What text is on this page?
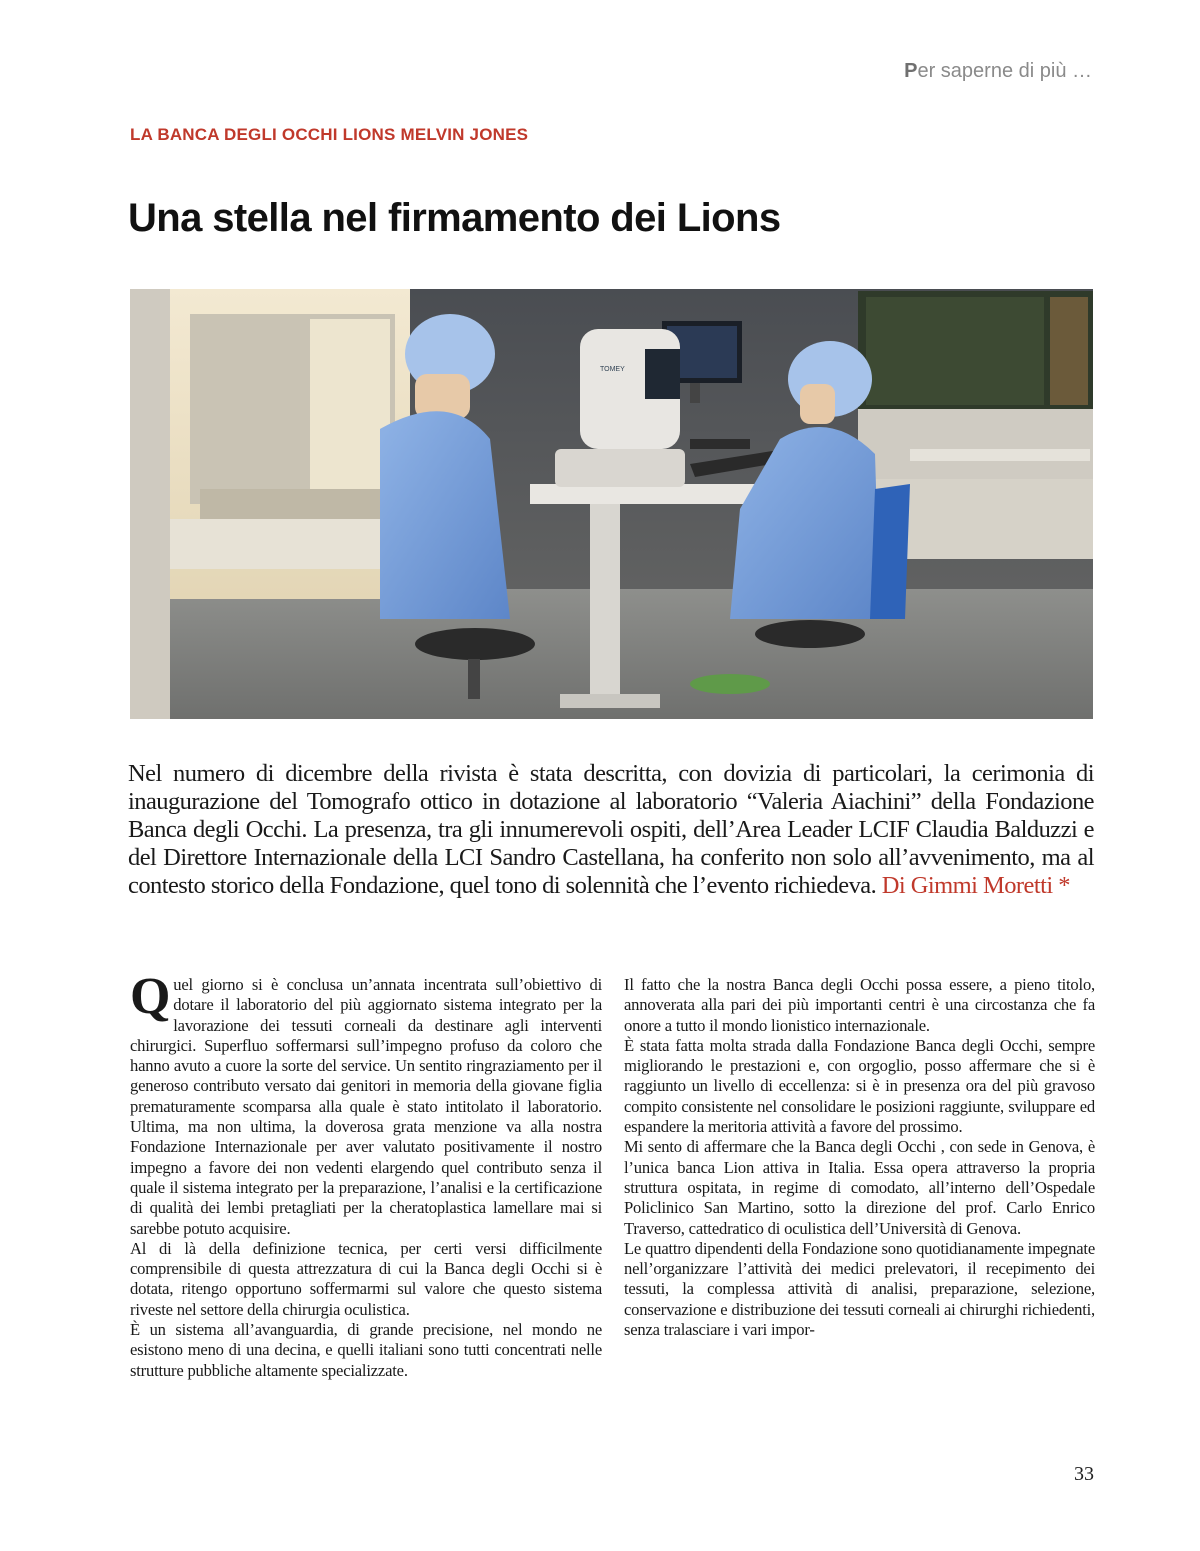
Per saperne di più …
LA BANCA DEGLI OCCHI LIONS MELVIN JONES
Una stella nel firmamento dei Lions
TOMEY

Nel numero di dicembre della rivista è stata descritta, con dovizia di particolari, la cerimonia di inaugurazione del Tomografo ottico in dotazione al laboratorio “Valeria Aiachini” della Fondazione Banca degli Occhi. La presenza, tra gli innumerevoli ospiti, dell’Area Leader LCIF Claudia Balduzzi e del Direttore Internazionale della LCI Sandro Castellana, ha conferito non solo all’avvenimento, ma al contesto storico della Fondazione, quel tono di solennità che l’evento richiedeva. Di Gimmi Moretti *

Quel giorno si è conclusa un’annata incentrata sull’obiettivo di dotare il laboratorio del più aggiornato sistema integrato per la lavorazione dei tessuti corneali da destinare agli interventi chirurgici. Superfluo soffermarsi sull’impegno profuso da coloro che hanno avuto a cuore la sorte del service. Un sentito ringraziamento per il generoso contributo versato dai genitori in memoria della giovane figlia prematuramente scomparsa alla quale è stato intitolato il laboratorio. Ultima, ma non ultima, la doverosa grata menzione va alla nostra Fondazione Internazionale per aver valutato positivamente il nostro impegno a favore dei non vedenti elargendo quel contributo senza il quale il sistema integrato per la preparazione, l’analisi e la certificazione di qualità dei lembi pretagliati per la cheratoplastica lamellare mai si sarebbe potuto acquisire.

Al di là della definizione tecnica, per certi versi difficilmente comprensibile di questa attrezzatura di cui la Banca degli Occhi si è dotata, ritengo opportuno soffermarmi sul valore che questo sistema riveste nel settore della chirurgia oculistica.

È un sistema all’avanguardia, di grande precisione, nel mondo ne esistono meno di una decina, e quelli italiani sono tutti concentrati nelle strutture pubbliche altamente specializzate.

Il fatto che la nostra Banca degli Occhi possa essere, a pieno titolo, annoverata alla pari dei più importanti centri è una circostanza che fa onore a tutto il mondo lionistico internazionale.

È stata fatta molta strada dalla Fondazione Banca degli Occhi, sempre migliorando le prestazioni e, con orgoglio, posso affermare che si è raggiunto un livello di eccellenza: si è in presenza ora del più gravoso compito consistente nel consolidare le posizioni raggiunte, sviluppare ed espandere la meritoria attività a favore del prossimo.

Mi sento di affermare che la Banca degli Occhi , con sede in Genova, è l’unica banca Lion attiva in Italia. Essa opera attraverso la propria struttura ospitata, in regime di comodato, all’interno dell’Ospedale Policlinico San Martino, sotto la direzione del prof. Carlo Enrico Traverso, cattedratico di oculistica dell’Università di Genova.

Le quattro dipendenti della Fondazione sono quotidianamente impegnate nell’organizzare l’attività dei medici prelevatori, il recepimento dei tessuti, la complessa attività di analisi, preparazione, selezione, conservazione e distribuzione dei tessuti corneali ai chirurghi richiedenti, senza tralasciare i vari impor-

33
